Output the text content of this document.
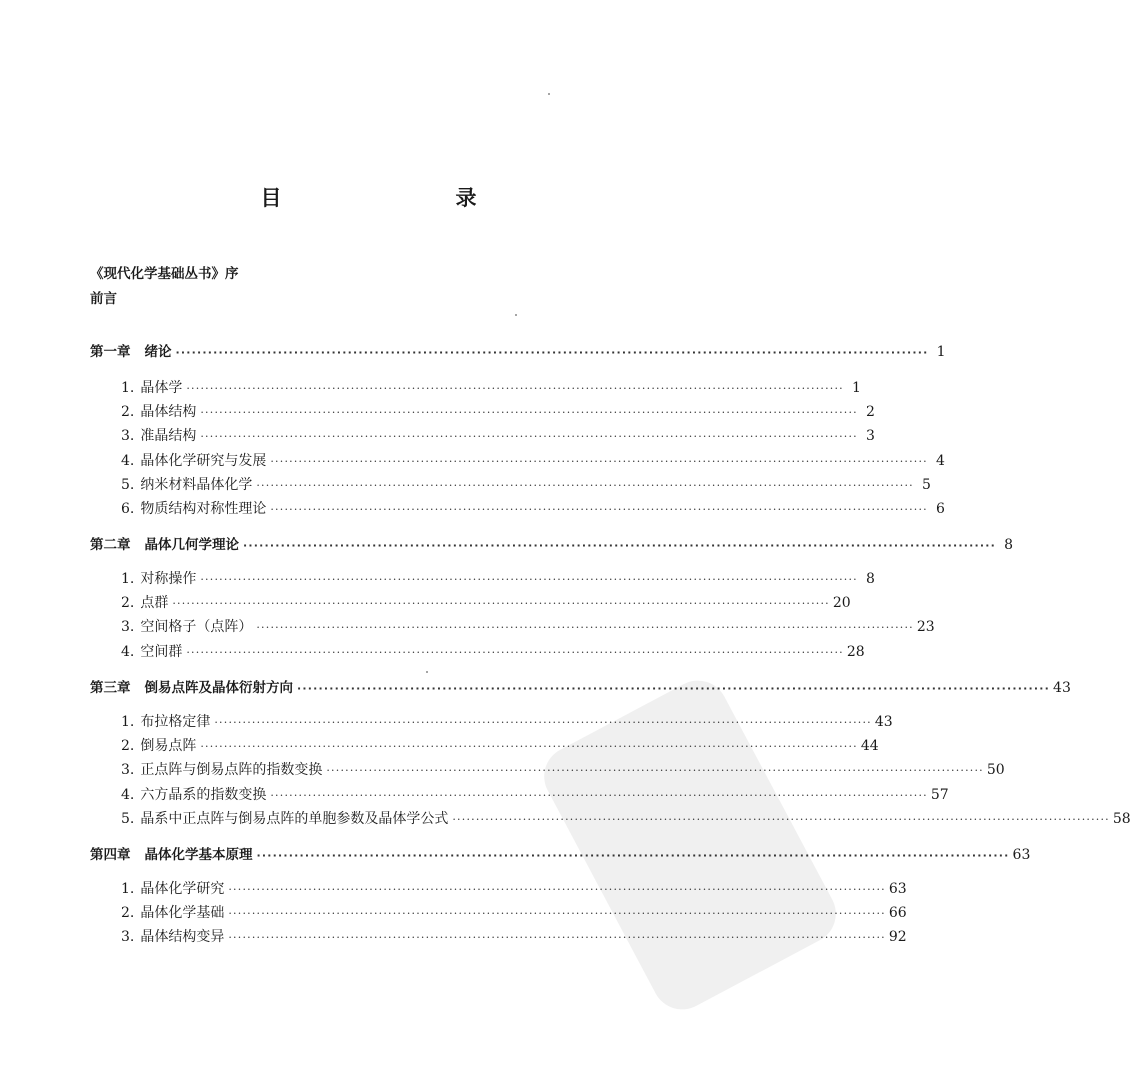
目　　录
《现代化学基础丛书》序
前言
第一章 绪论 ············································································································································ 1
1. 晶体学 ············································································································································ 1
2. 晶体结构 ············································································································································ 2
3. 准晶结构 ············································································································································ 3
4. 晶体化学研究与发展 ············································································································································ 4
5. 纳米材料晶体化学 ············································································································································ 5
6. 物质结构对称性理论 ············································································································································ 6
第二章 晶体几何学理论 ············································································································································ 8
1. 对称操作 ············································································································································ 8
2. 点群 ············································································································································ 20
3. 空间格子（点阵） ············································································································································ 23
4. 空间群 ············································································································································ 28
第三章 倒易点阵及晶体衍射方向 ············································································································································ 43
1. 布拉格定律 ············································································································································ 43
2. 倒易点阵 ············································································································································ 44
3. 正点阵与倒易点阵的指数变换 ············································································································································ 50
4. 六方晶系的指数变换 ············································································································································ 57
5. 晶系中正点阵与倒易点阵的单胞参数及晶体学公式 ············································································································································ 58
第四章 晶体化学基本原理 ············································································································································ 63
1. 晶体化学研究 ············································································································································ 63
2. 晶体化学基础 ············································································································································ 66
3. 晶体结构变异 ············································································································································ 92
